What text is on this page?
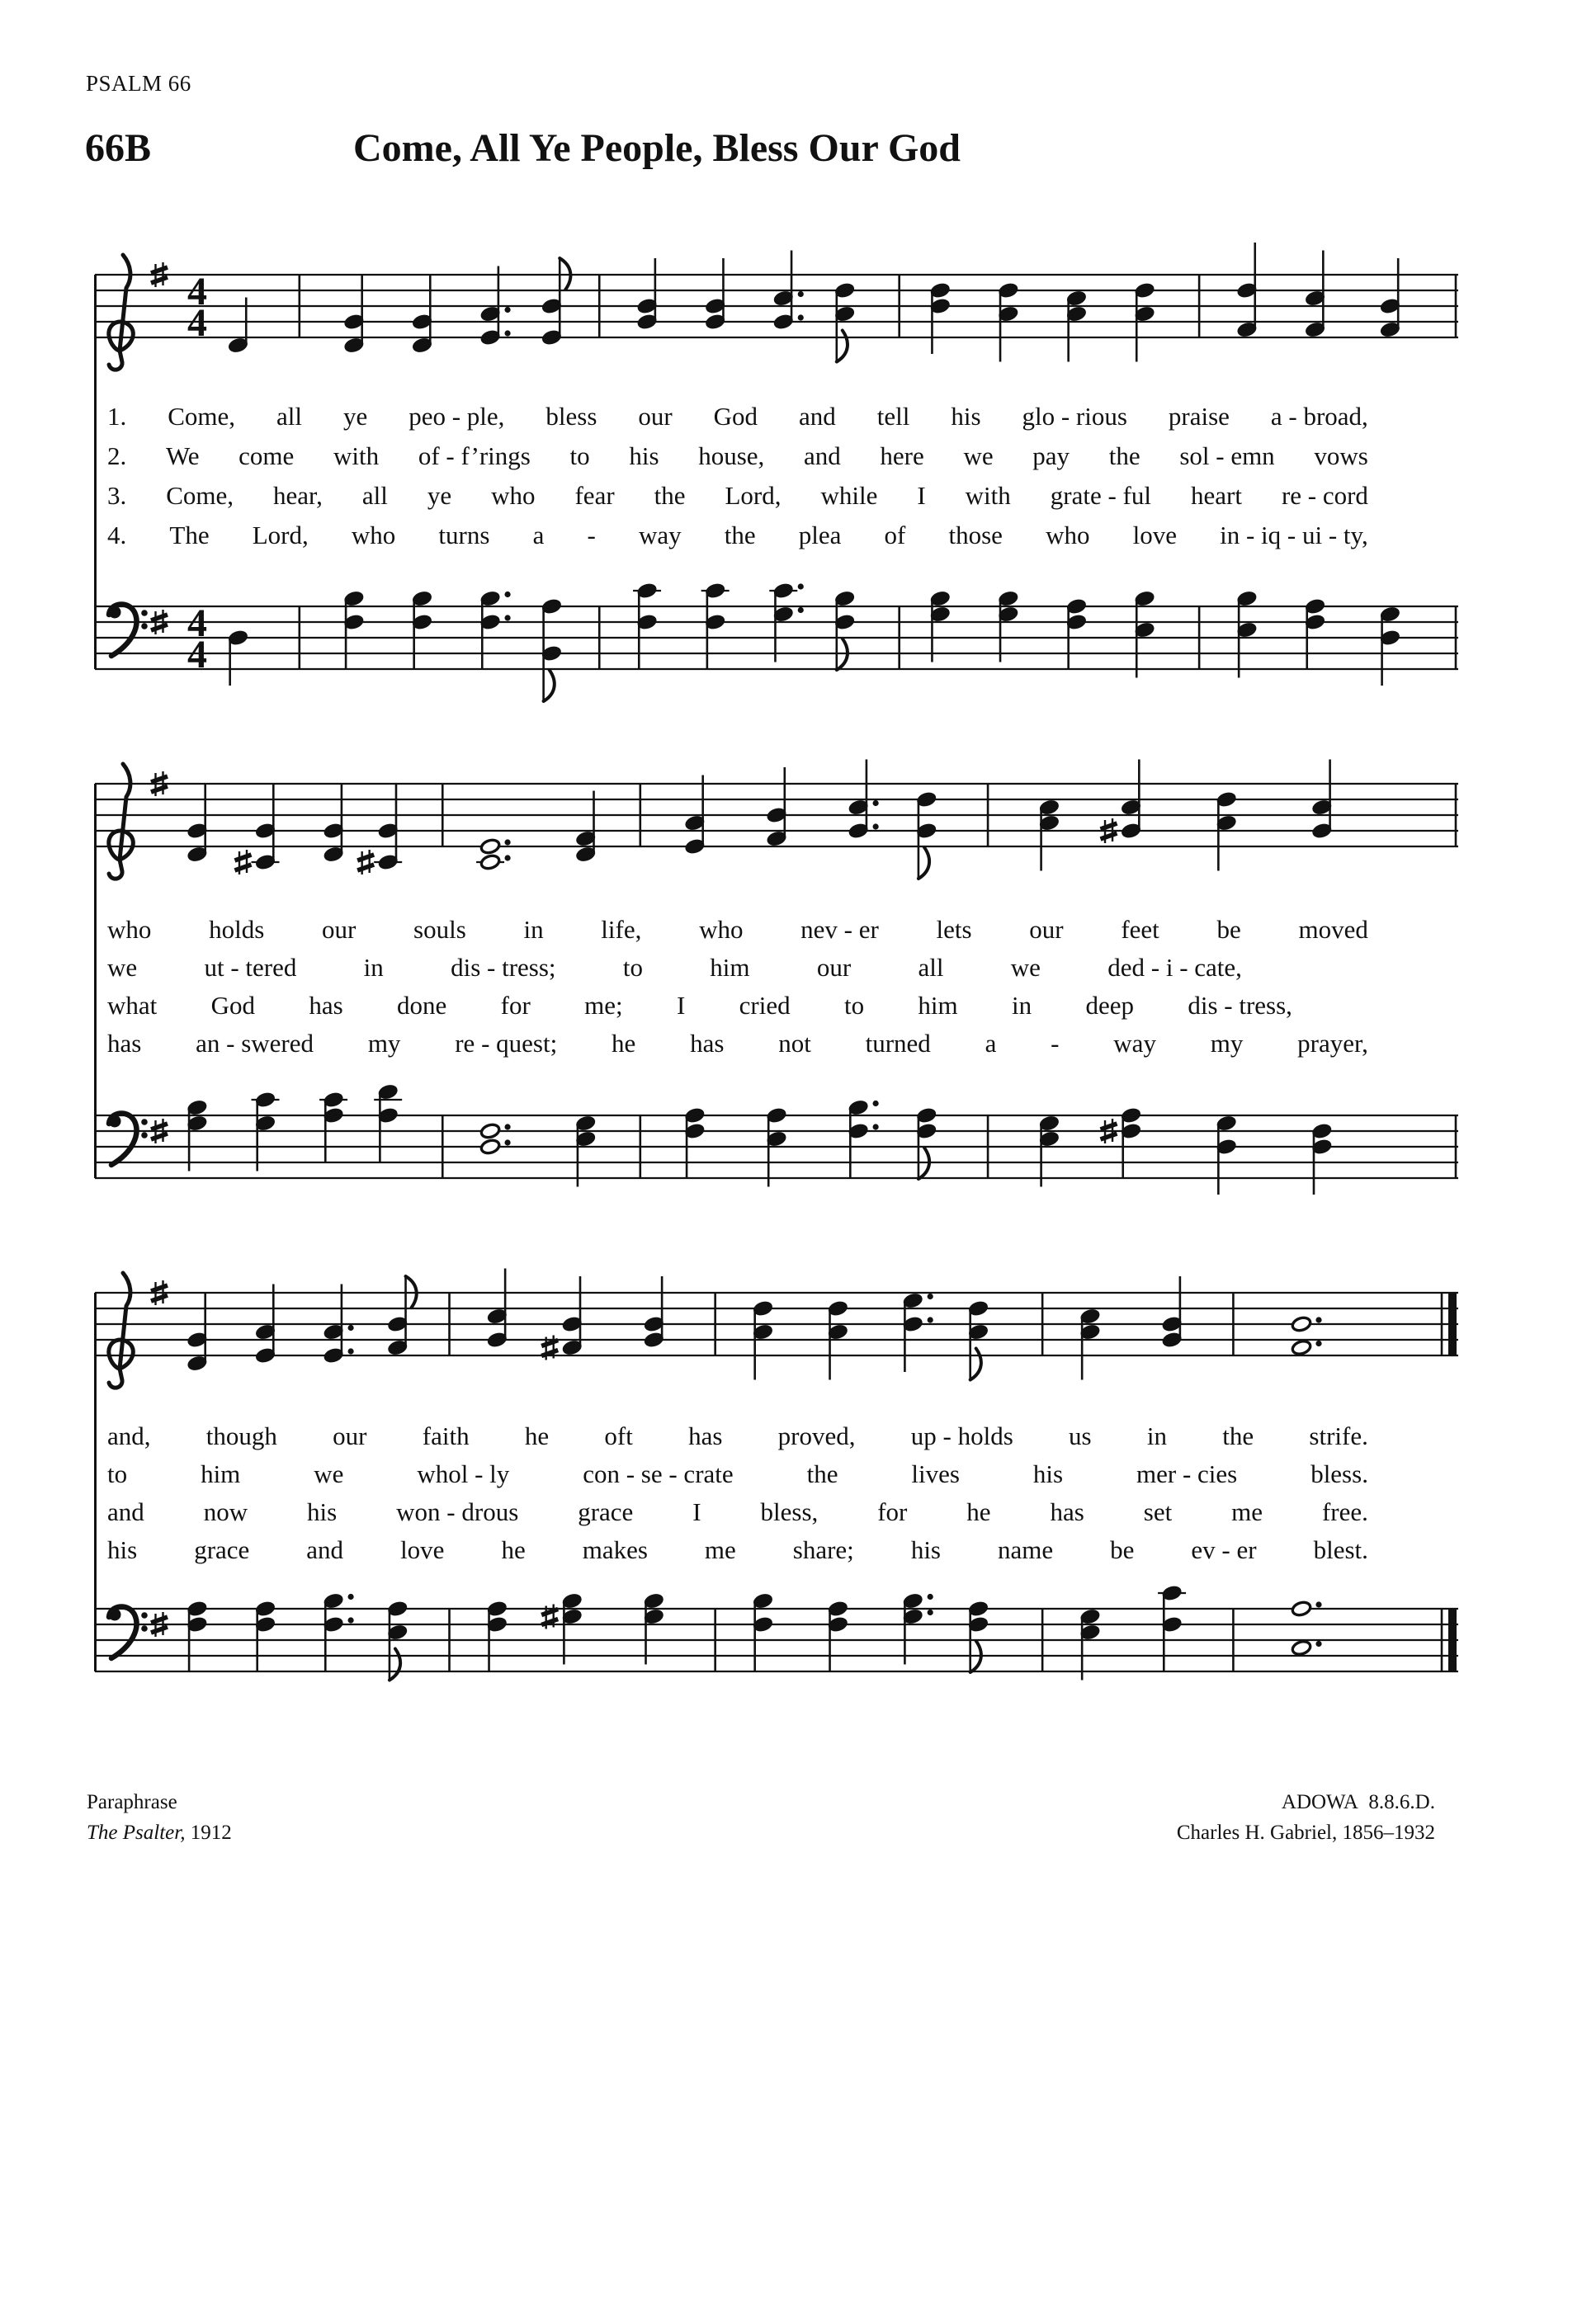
PSALM 66
66B	Come, All Ye People, Bless Our God
4
4
4
4
1. Come, all ye peo - ple, bless our God and tell his glo - rious praise a - broad,
2. We come with of - f’rings to his house, and here we pay the sol - emn vows
3. Come, hear, all ye who fear the Lord, while I with grate - ful heart re - cord
4. The Lord, who turns a - way the plea of those who love in - iq - ui - ty,
who holds our souls in life, who nev - er lets our feet be moved
we	ut - tered	in	dis - tress;	to	him	our	all	we	ded - i - cate,
what God has done for me; I cried to him in deep dis - tress,
has an - swered my re - quest; he has not turned a - way my prayer,
and, though our faith he oft has proved, up - holds us in the strife.
to	him	we	whol - ly	con - se - crate	the	lives	his	mer - cies	bless.
and now his won - drous grace I bless, for he has set me free.
his grace and love he makes me share; his name be ev - er blest.
Paraphrase
The Psalter, 1912
ADOWA  8.8.6.D.
Charles H. Gabriel, 1856–1932
